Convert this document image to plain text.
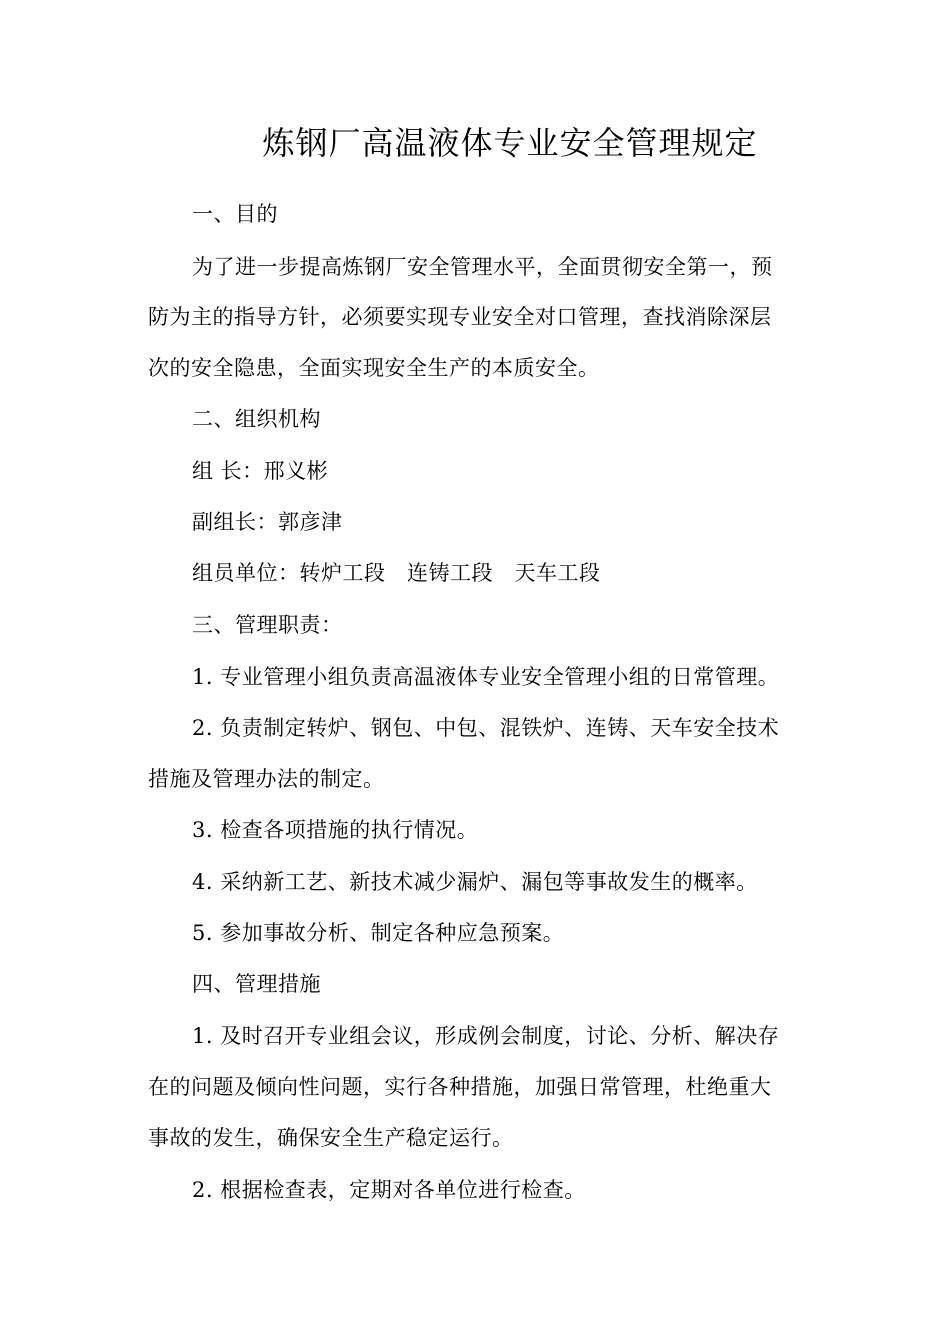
炼钢厂高温液体专业安全管理规定
一、目的
为了进一步提高炼钢厂安全管理水平，全面贯彻安全第一，预
防为主的指导方针，必须要实现专业安全对口管理，查找消除深层
次的安全隐患，全面实现安全生产的本质安全。
二、组织机构
组 长：邢义彬
副组长：郭彦津
组员单位：转炉工段   连铸工段   天车工段
三、管理职责：
1. 专业管理小组负责高温液体专业安全管理小组的日常管理。
2. 负责制定转炉、钢包、中包、混铁炉、连铸、天车安全技术
措施及管理办法的制定。
3. 检查各项措施的执行情况。
4. 采纳新工艺、新技术减少漏炉、漏包等事故发生的概率。
5. 参加事故分析、制定各种应急预案。
四、管理措施
1. 及时召开专业组会议，形成例会制度，讨论、分析、解决存
在的问题及倾向性问题，实行各种措施，加强日常管理，杜绝重大
事故的发生，确保安全生产稳定运行。
2. 根据检查表，定期对各单位进行检查。
